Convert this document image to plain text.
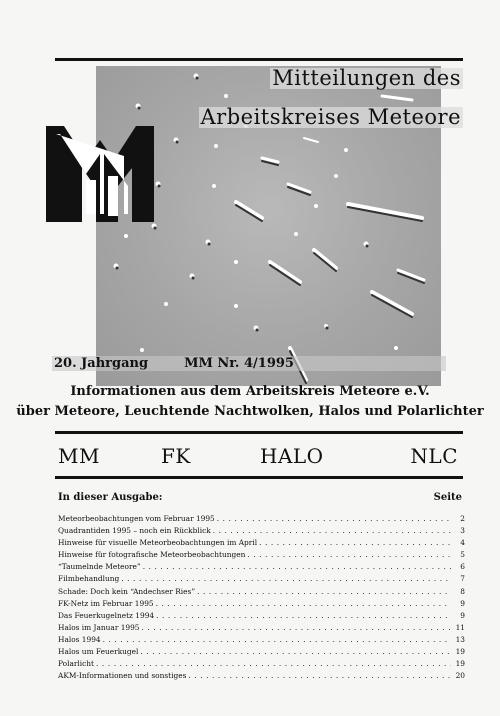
Mitteilungen des
Arbeitskreises Meteore
20. Jahrgang	MM Nr. 4/1995
Informationen aus dem Arbeitskreis Meteore e.V.
über Meteore, Leuchtende Nachtwolken, Halos und Polarlichter
MM	FK	HALO	NLC
In dieser Ausgabe:	Seite
Meteorbeobachtungen vom Februar 1995 . . .	2
Quadrantiden 1995 – noch ein Rückblick . . .	3
Hinweise für visuelle Meteorbeobachtungen im April . . .	4
Hinweise für fotografische Meteorbeobachtungen . . .	5
“Taumelnde Meteore” . . .	6
Filmbehandlung . . .	7
Schade: Doch kein “Andechser Ries” . . .	8
FK-Netz im Februar 1995 . . .	9
Das Feuerkugelnetz 1994 . . .	9
Halos im Januar 1995 . . .	11
Halos 1994 . . .	13
Halos um Feuerkugel . . .	19
Polarlicht . . .	19
AKM-Informationen und sonstiges . . .	20
